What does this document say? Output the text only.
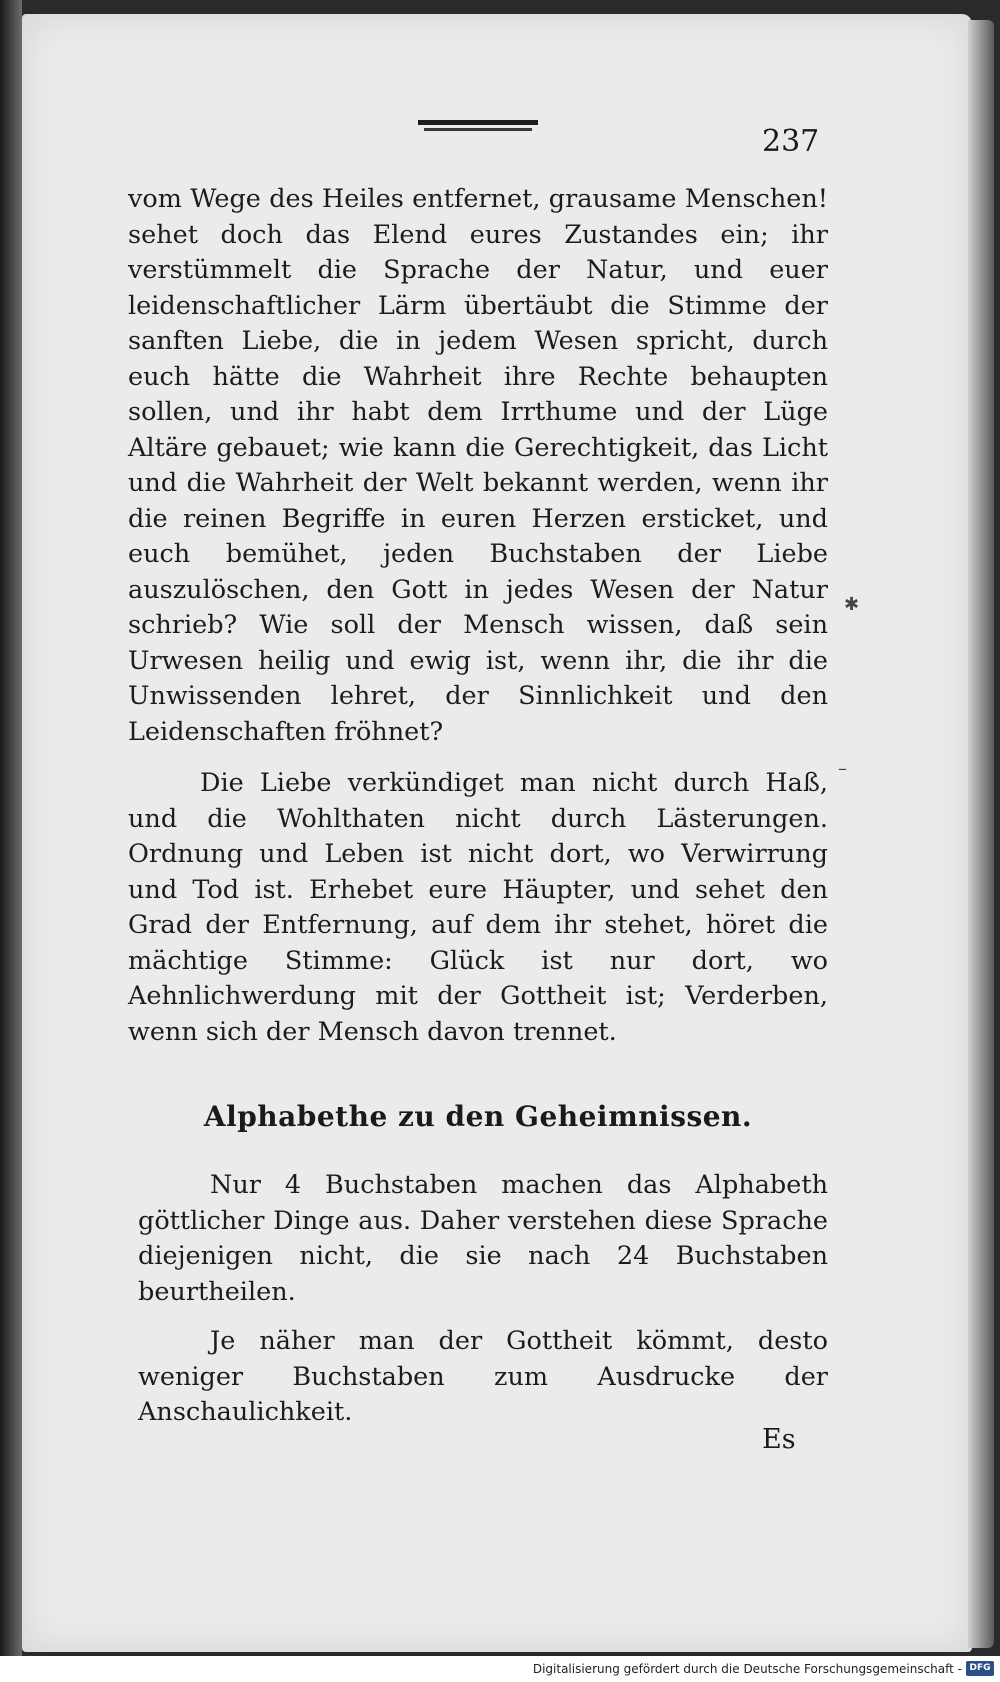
237

vom Wege des Heiles entfernet, grausame Menschen! sehet doch das Elend eures Zustandes ein; ihr verstümmelt die Sprache der Natur, und euer leidenschaftlicher Lärm übertäubt die Stimme der sanften Liebe, die in jedem Wesen spricht, durch euch hätte die Wahrheit ihre Rechte behaupten sollen, und ihr habt dem Irrthume und der Lüge Altäre gebauet; wie kann die Gerechtigkeit, das Licht und die Wahrheit der Welt bekannt werden, wenn ihr die reinen Begriffe in euren Herzen ersticket, und euch bemühet, jeden Buchstaben der Liebe auszulöschen, den Gott in jedes Wesen der Natur schrieb? Wie soll der Mensch wissen, daß sein Urwesen heilig und ewig ist, wenn ihr, die ihr die Unwissenden lehret, der Sinnlichkeit und den Leidenschaften fröhnet?

Die Liebe verkündiget man nicht durch Haß, und die Wohlthaten nicht durch Lästerungen. Ordnung und Leben ist nicht dort, wo Verwirrung und Tod ist. Erhebet eure Häupter, und sehet den Grad der Entfernung, auf dem ihr stehet, höret die mächtige Stimme: Glück ist nur dort, wo Aehnlichwerdung mit der Gottheit ist; Verderben, wenn sich der Mensch davon trennet.

✱
–
Alphabethe zu den Geheimnissen.

Nur 4 Buchstaben machen das Alphabeth göttlicher Dinge aus. Daher verstehen diese Sprache diejenigen nicht, die sie nach 24 Buchstaben beurtheilen.

Je näher man der Gottheit kömmt, desto weniger Buchstaben zum Ausdrucke der Anschaulichkeit.

Es
Digitalisierung gefördert durch die Deutsche Forschungsgemeinschaft - DFG
